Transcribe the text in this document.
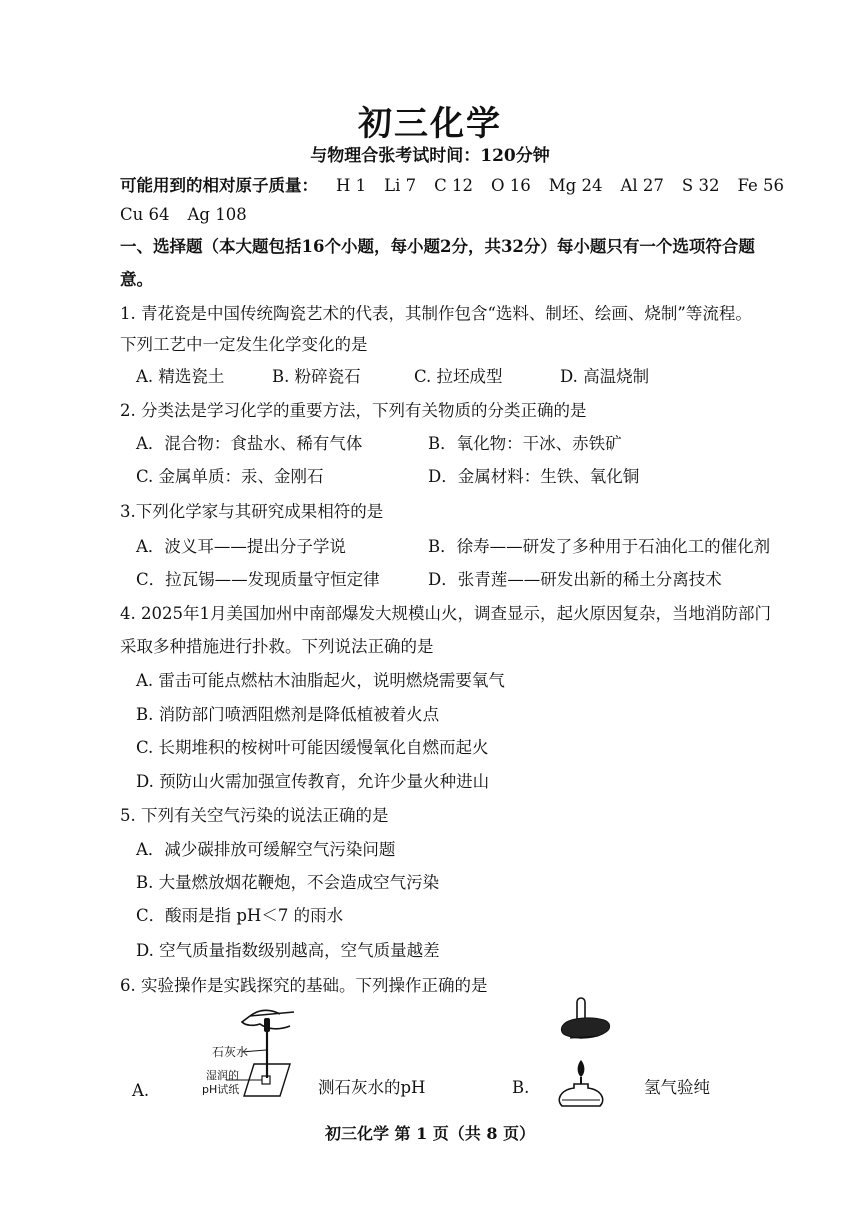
初三化学
与物理合张考试时间：120分钟
可能用到的相对原子质量： H 1 Li 7 C 12 O 16 Mg 24 Al 27 S 32 Fe 56
Cu 64 Ag 108
一、选择题（本大题包括16个小题，每小题2分，共32分）每小题只有一个选项符合题
意。
1. 青花瓷是中国传统陶瓷艺术的代表，其制作包含“选料、制坯、绘画、烧制”等流程。
下列工艺中一定发生化学变化的是
A. 精选瓷土	B. 粉碎瓷石	C. 拉坯成型	D. 高温烧制
2. 分类法是学习化学的重要方法，下列有关物质的分类正确的是
A．混合物：食盐水、稀有气体	B．氧化物：干冰、赤铁矿
C. 金属单质：汞、金刚石	D．金属材料：生铁、氧化铜
3.下列化学家与其研究成果相符的是
A．波义耳——提出分子学说	B．徐寿——研发了多种用于石油化工的催化剂
C．拉瓦锡——发现质量守恒定律	D．张青莲——研发出新的稀土分离技术
4. 2025年1月美国加州中南部爆发大规模山火，调查显示，起火原因复杂，当地消防部门
采取多种措施进行扑救。下列说法正确的是
A. 雷击可能点燃枯木油脂起火，说明燃烧需要氧气
B. 消防部门喷洒阻燃剂是降低植被着火点
C. 长期堆积的桉树叶可能因缓慢氧化自燃而起火
D. 预防山火需加强宣传教育，允许少量火种进山
5. 下列有关空气污染的说法正确的是
A．减少碳排放可缓解空气污染问题
B. 大量燃放烟花鞭炮，不会造成空气污染
C．酸雨是指 pH＜7 的雨水
D. 空气质量指数级别越高，空气质量越差
6. 实验操作是实践探究的基础。下列操作正确的是
A.
石灰水
湿润的
pH试纸	测石灰水的pH	B.	氢气验纯
初三化学 第 1 页（共 8 页）
